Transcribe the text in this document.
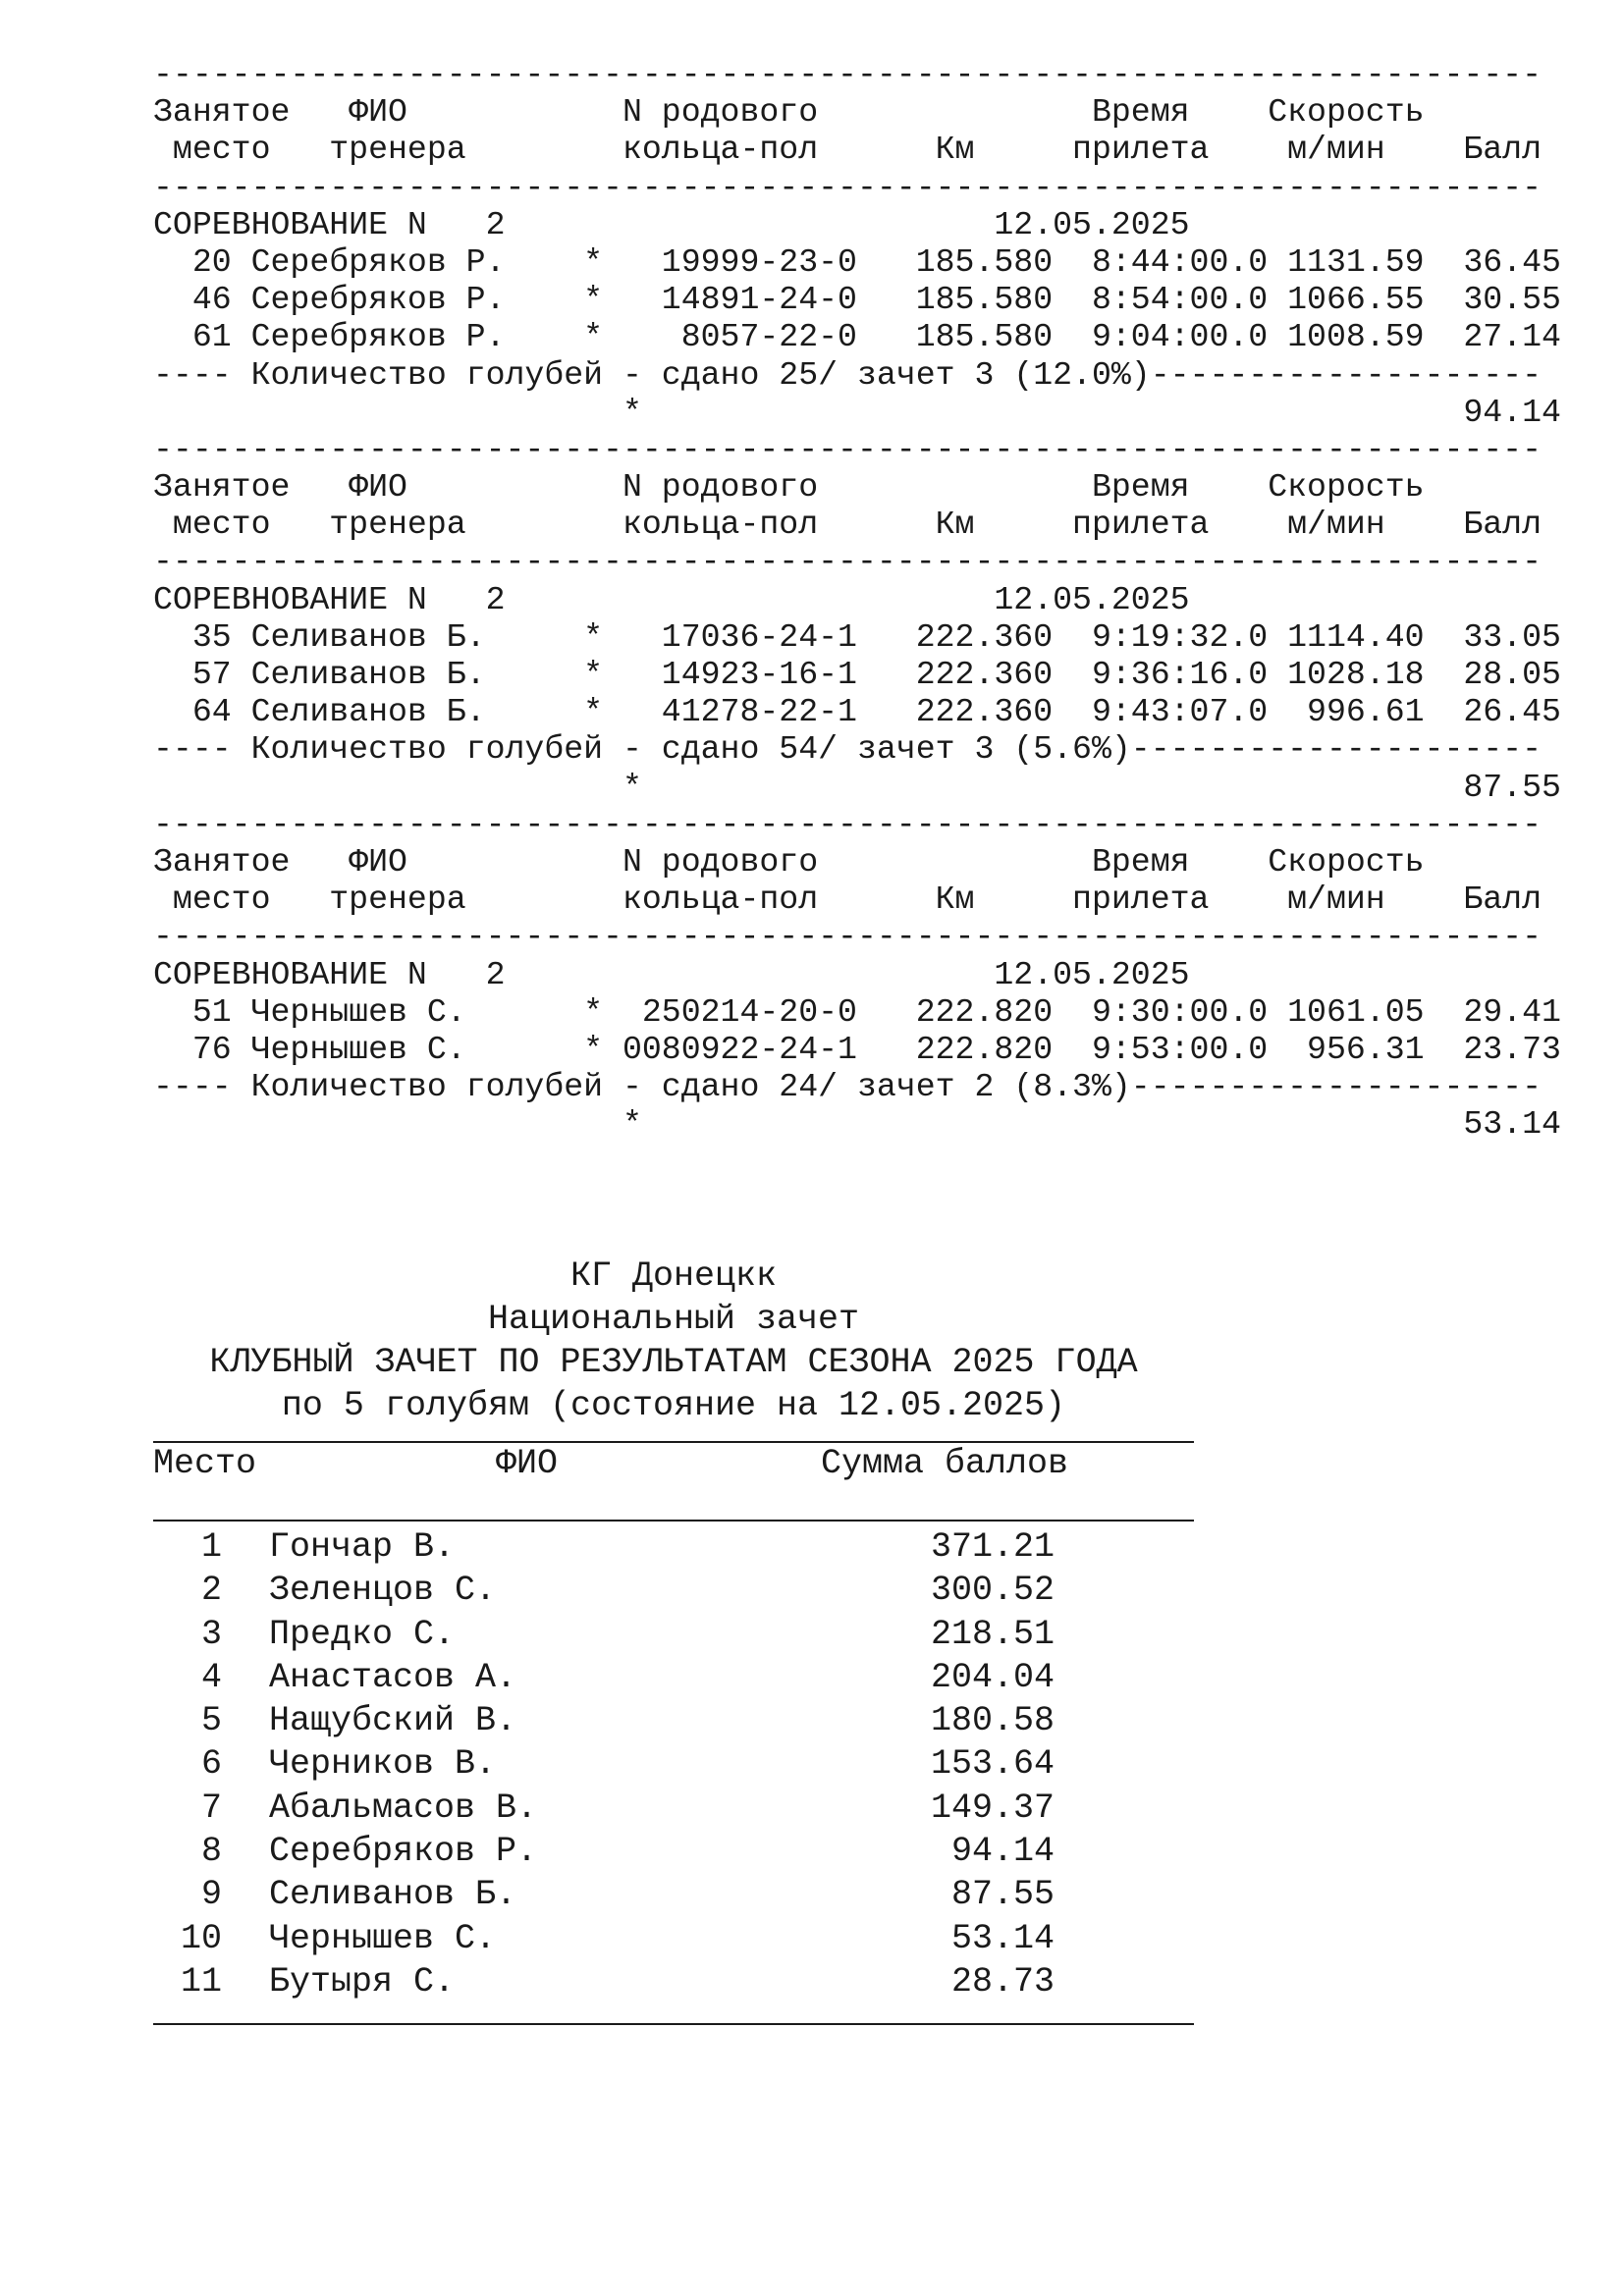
-----------------------------------------------------------------------
Занятое   ФИО           N родового              Время    Скорость
место   тренера        кольца-пол      Км     прилета    м/мин    Балл
-----------------------------------------------------------------------
СОРЕВНОВАНИЕ N   2                         12.05.2025
20 Серебряков Р.    *   19999-23-0   185.580  8:44:00.0 1131.59  36.45
46 Серебряков Р.    *   14891-24-0   185.580  8:54:00.0 1066.55  30.55
61 Серебряков Р.    *    8057-22-0   185.580  9:04:00.0 1008.59  27.14
---- Количество голубей - сдано 25/ зачет 3 (12.0%)--------------------
*                                          94.14
-----------------------------------------------------------------------
Занятое   ФИО           N родового              Время    Скорость
место   тренера        кольца-пол      Км     прилета    м/мин    Балл
-----------------------------------------------------------------------
СОРЕВНОВАНИЕ N   2                         12.05.2025
35 Селиванов Б.     *   17036-24-1   222.360  9:19:32.0 1114.40  33.05
57 Селиванов Б.     *   14923-16-1   222.360  9:36:16.0 1028.18  28.05
64 Селиванов Б.     *   41278-22-1   222.360  9:43:07.0  996.61  26.45
---- Количество голубей - сдано 54/ зачет 3 (5.6%)---------------------
*                                          87.55
-----------------------------------------------------------------------
Занятое   ФИО           N родового              Время    Скорость
место   тренера        кольца-пол      Км     прилета    м/мин    Балл
-----------------------------------------------------------------------
СОРЕВНОВАНИЕ N   2                         12.05.2025
51 Чернышев С.      *  250214-20-0   222.820  9:30:00.0 1061.05  29.41
76 Чернышев С.      * 0080922-24-1   222.820  9:53:00.0  956.31  23.73
---- Количество голубей - сдано 24/ зачет 2 (8.3%)---------------------
*                                          53.14
КГ Донецкк
Национальный зачет
КЛУБНЫЙ ЗАЧЕТ ПО РЕЗУЛЬТАТАМ СЕЗОНА 2025 ГОДА
по 5 голубям (состояние на 12.05.2025)
Место	ФИО	Сумма баллов
1 Гончар В.	371.21
2 Зеленцов С.	300.52
3 Предко С.	218.51
4 Анастасов А.	204.04
5 Нащубский В.	180.58
6 Черников В.	153.64
7 Абальмасов В.	149.37
8 Серебряков Р.	94.14
9 Селиванов Б.	87.55
10 Чернышев С.	53.14
11 Бутыря С.	28.73
